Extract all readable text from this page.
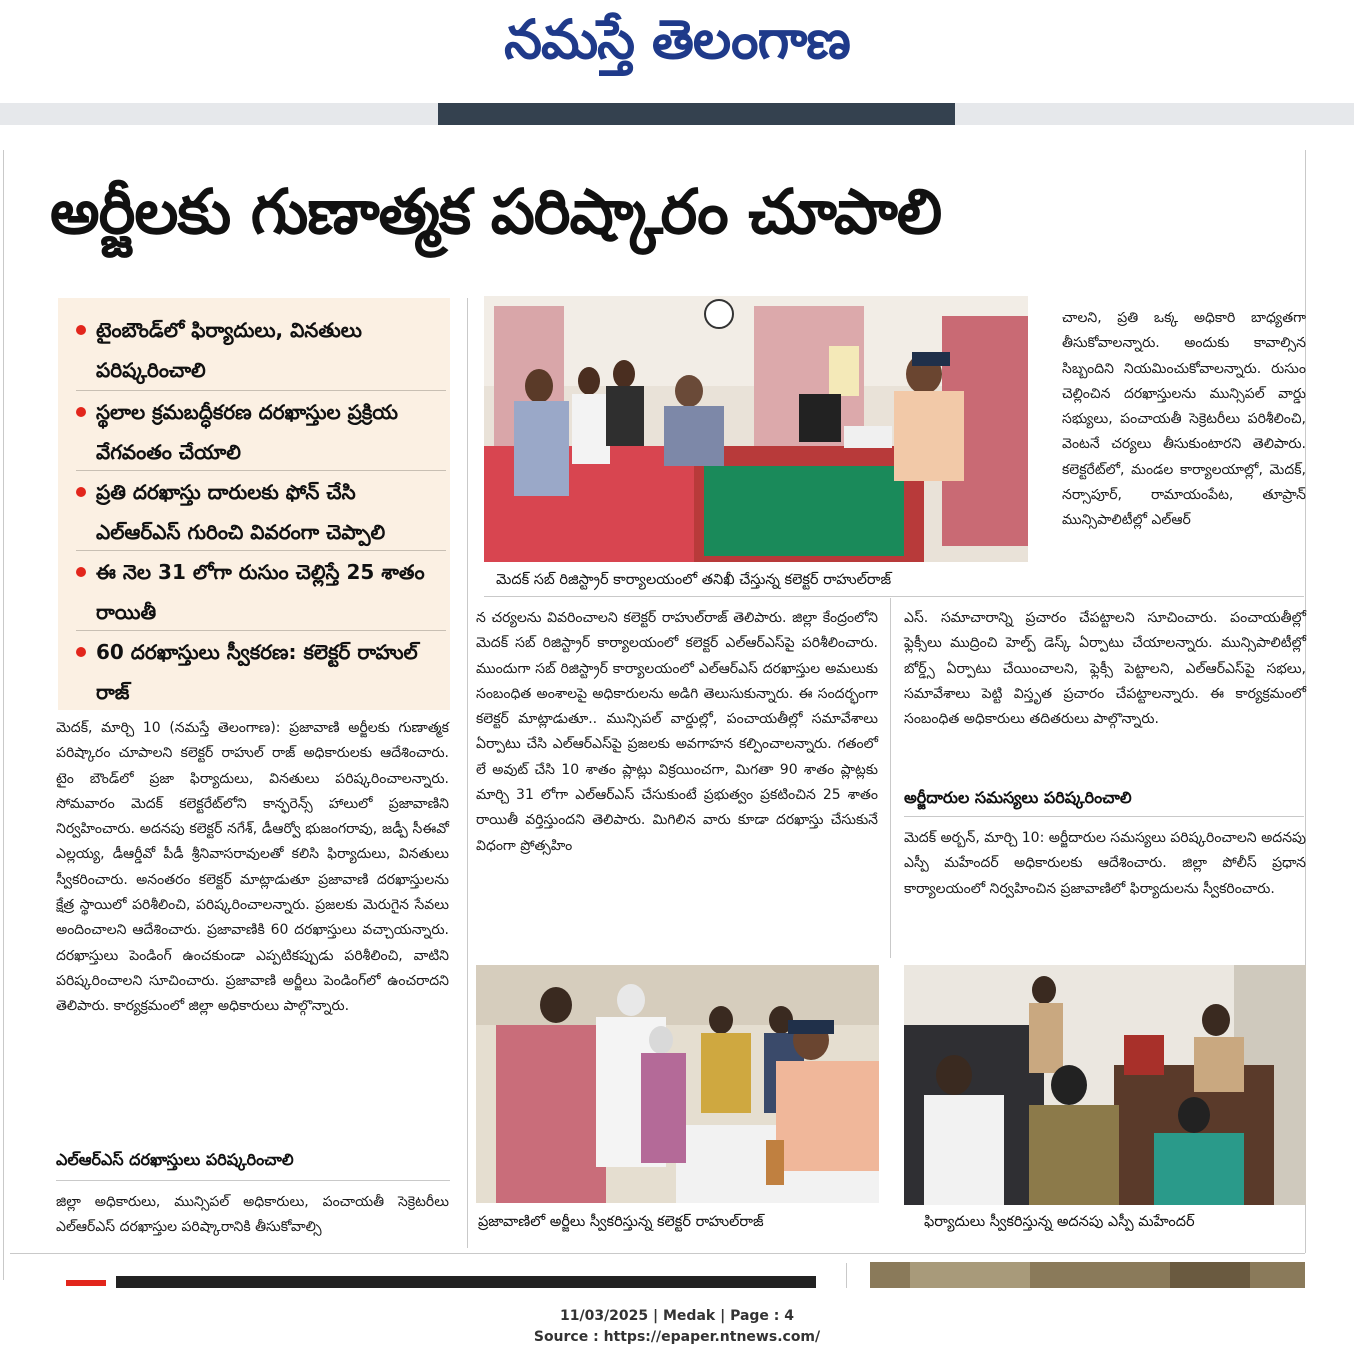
నమస్తే తెలంగాణ
అర్జీలకు గుణాత్మక పరిష్కారం చూపాలి
టైంబౌండ్‌లో ఫిర్యాదులు, వినతులు పరిష్కరించాలి
స్థలాల క్రమబద్ధీకరణ దరఖాస్తుల ప్రక్రియ వేగవంతం చేయాలి
ప్రతి దరఖాస్తు దారులకు ఫోన్ చేసి ఎల్ఆర్ఎస్ గురించి వివరంగా చెప్పాలి
ఈ నెల 31 లోగా రుసుం చెల్లిస్తే 25 శాతం రాయితీ
60 దరఖాస్తులు స్వీకరణ: కలెక్టర్ రాహుల్ రాజ్
మెదక్ సబ్ రిజిస్ట్రార్ కార్యాలయంలో తనిఖీ చేస్తున్న కలెక్టర్ రాహుల్‌రాజ్
చాలని, ప్రతి ఒక్క అధికారి బాధ్యతగా తీసుకోవాలన్నారు. అందుకు కావాల్సిన సిబ్బందిని నియమించుకోవాలన్నారు. రుసుం చెల్లించిన దరఖాస్తులను మున్సిపల్ వార్డు సభ్యులు, పంచాయతీ సెక్రెటరీలు పరిశీలించి, వెంటనే చర్యలు తీసుకుంటారని తెలిపారు. కలెక్టరేట్‌లో, మండల కార్యాలయాల్లో, మెదక్, నర్సాపూర్, రామాయంపేట, తూప్రాన్ మున్సిపాలిటీల్లో ఎల్ఆర్
మెదక్, మార్చి 10 (నమస్తే తెలంగాణ): ప్రజావాణి అర్జీలకు గుణాత్మక పరిష్కారం చూపాలని కలెక్టర్ రాహుల్ రాజ్ అధికారులకు ఆదేశించారు. టైం బౌండ్‌లో ప్రజా ఫిర్యాదులు, వినతులు పరిష్కరించాలన్నారు. సోమవారం మెదక్ కలెక్టరేట్‌లోని కాన్ఫరెన్స్ హాలులో ప్రజావాణిని నిర్వహించారు. అదనపు కలెక్టర్ నగేశ్, డీఆర్వో భుజంగరావు, జడ్పీ సీఈవో ఎల్లయ్య, డీఆర్డీవో పీడీ శ్రీనివాసరావులతో కలిసి ఫిర్యాదులు, వినతులు స్వీకరించారు. అనంతరం కలెక్టర్ మాట్లాడుతూ ప్రజావాణి దరఖాస్తులను క్షేత్ర స్థాయిలో పరిశీలించి, పరిష్కరించాలన్నారు. ప్రజలకు మెరుగైన సేవలు అందించాలని ఆదేశించారు. ప్రజావాణికి 60 దరఖాస్తులు వచ్చాయన్నారు. దరఖాస్తులు పెండింగ్ ఉంచకుండా ఎప్పటికప్పుడు పరిశీలించి, వాటిని పరిష్కరించాలని సూచించారు. ప్రజావాణి అర్జీలు పెండింగ్‌లో ఉంచరాదని తెలిపారు. కార్యక్రమంలో జిల్లా అధికారులు పాల్గొన్నారు.
ఎల్ఆర్ఎస్ దరఖాస్తులు పరిష్కరించాలి
జిల్లా అధికారులు, మున్సిపల్ అధికారులు, పంచాయతీ సెక్రెటరీలు ఎల్ఆర్ఎస్ దరఖాస్తుల పరిష్కారానికి తీసుకోవాల్సి
న చర్యలను వివరించాలని కలెక్టర్ రాహుల్‌రాజ్ తెలిపారు. జిల్లా కేంద్రంలోని మెదక్ సబ్ రిజిస్ట్రార్ కార్యాలయంలో కలెక్టర్ ఎల్ఆర్ఎస్‌పై పరిశీలించారు. ముందుగా సబ్ రిజిస్ట్రార్ కార్యాలయంలో ఎల్ఆర్ఎస్ దరఖాస్తుల అమలుకు సంబంధిత అంశాలపై అధికారులను అడిగి తెలుసుకున్నారు. ఈ సందర్భంగా కలెక్టర్ మాట్లాడుతూ.. మున్సిపల్ వార్డుల్లో, పంచాయతీల్లో సమావేశాలు ఏర్పాటు చేసి ఎల్ఆర్ఎస్‌పై ప్రజలకు అవగాహన కల్పించాలన్నారు. గతంలో లే అవుట్ చేసి 10 శాతం ప్లాట్లు విక్రయించగా, మిగతా 90 శాతం ప్లాట్లకు మార్చి 31 లోగా ఎల్ఆర్ఎస్ చేసుకుంటే ప్రభుత్వం ప్రకటించిన 25 శాతం రాయితీ వర్తిస్తుందని తెలిపారు. మిగిలిన వారు కూడా దరఖాస్తు చేసుకునే విధంగా ప్రోత్సహిం
ఎస్. సమాచారాన్ని ప్రచారం చేపట్టాలని సూచించారు. పంచాయతీల్లో ఫ్లెక్సీలు ముద్రించి హెల్ప్ డెస్క్ ఏర్పాటు చేయాలన్నారు. మున్సిపాలిటీల్లో బోర్డ్స్ ఏర్పాటు చేయించాలని, ఫ్లెక్సీ పెట్టాలని, ఎల్ఆర్ఎస్‌పై సభలు, సమావేశాలు పెట్టి విస్తృత ప్రచారం చేపట్టాలన్నారు. ఈ కార్యక్రమంలో సంబంధిత అధికారులు తదితరులు పాల్గొన్నారు.
అర్జీదారుల సమస్యలు పరిష్కరించాలి
మెదక్ అర్బన్, మార్చి 10: అర్జీదారుల సమస్యలు పరిష్కరించాలని అదనపు ఎస్పీ మహేందర్ అధికారులకు ఆదేశించారు. జిల్లా పోలీస్ ప్రధాన కార్యాలయంలో నిర్వహించిన ప్రజావాణిలో ఫిర్యాదులను స్వీకరించారు.
ప్రజావాణిలో అర్జీలు స్వీకరిస్తున్న కలెక్టర్ రాహుల్‌రాజ్	ఫిర్యాదులు స్వీకరిస్తున్న అదనపు ఎస్పీ మహేందర్
11/03/2025 | Medak | Page : 4
Source : https://epaper.ntnews.com/
